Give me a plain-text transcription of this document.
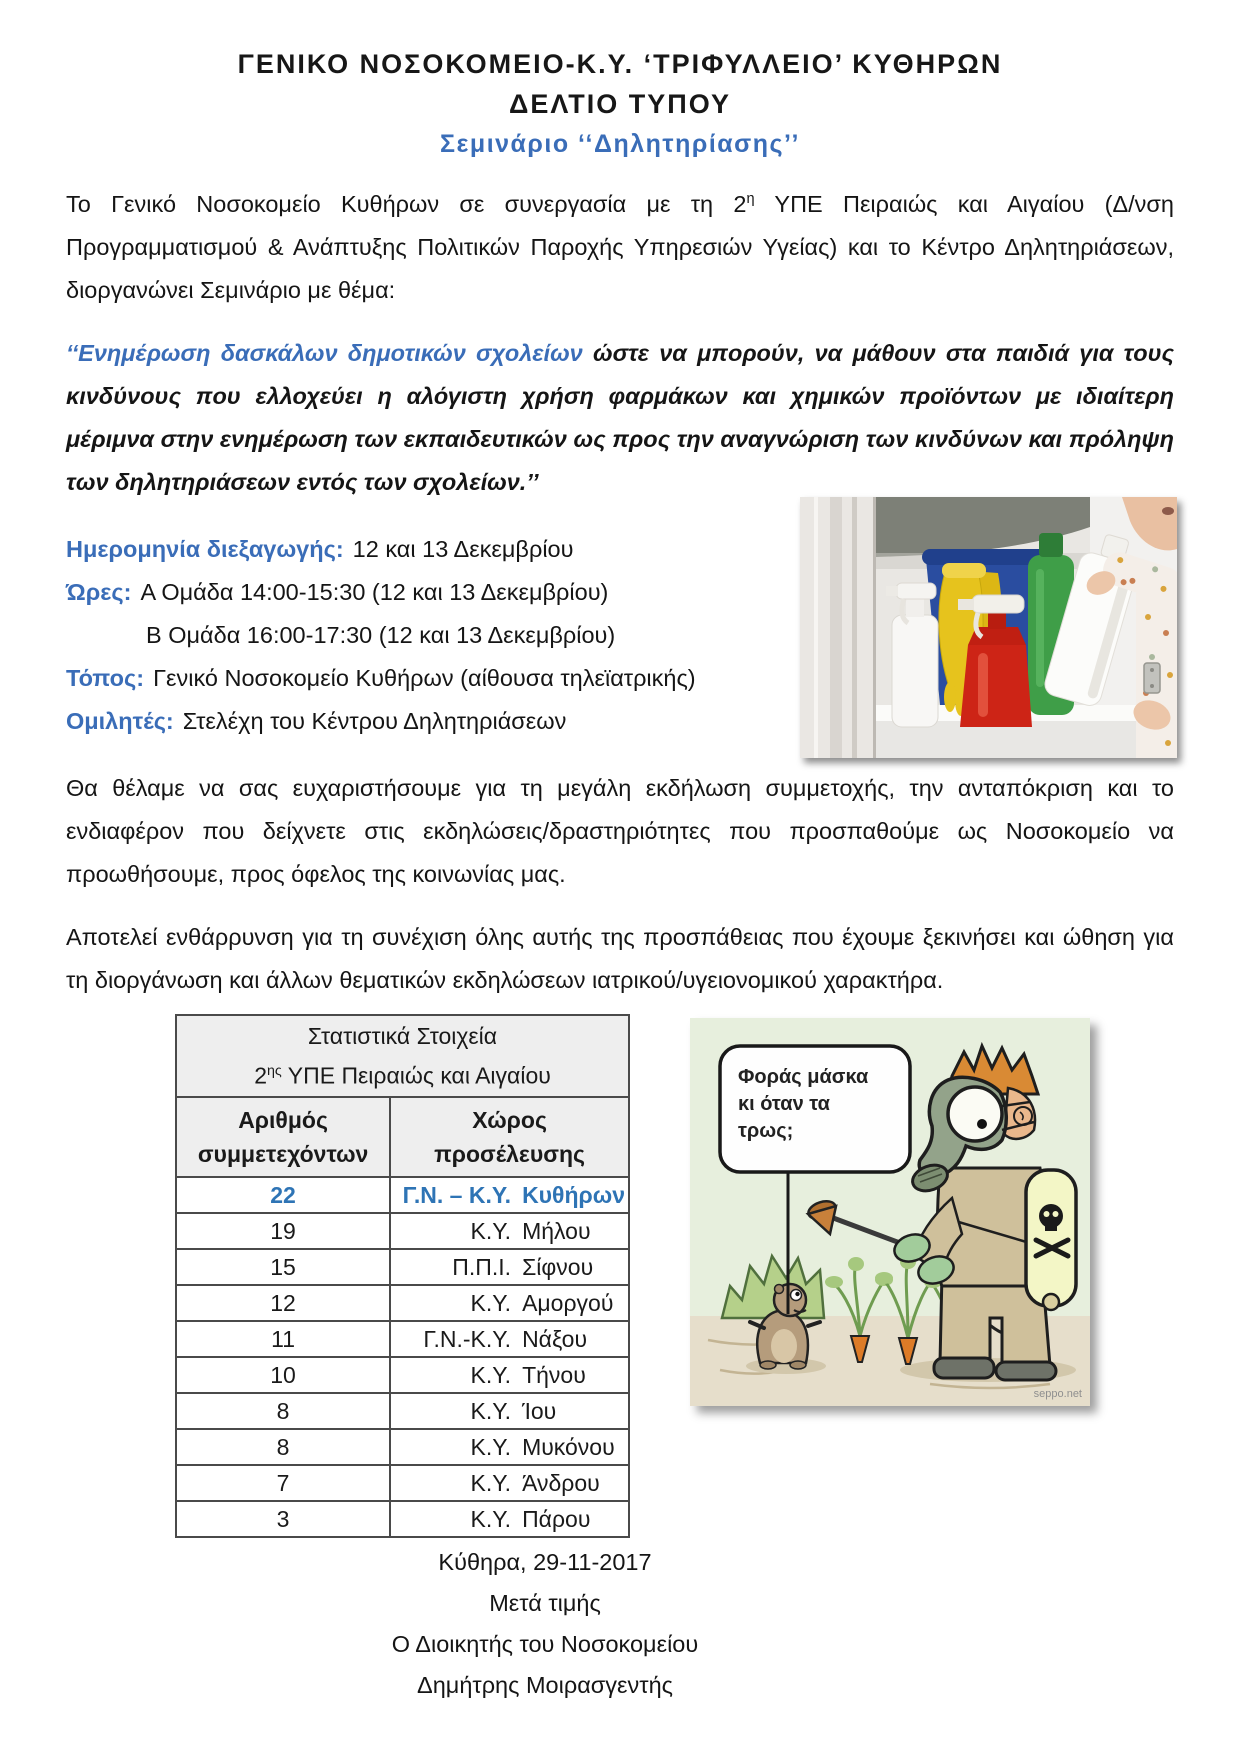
ΓΕΝΙΚΟ ΝΟΣΟΚΟΜΕΙΟ-Κ.Υ. ‘ΤΡΙΦΥΛΛΕΙΟ’ ΚΥΘΗΡΩΝ
ΔΕΛΤΙΟ ΤΥΠΟΥ
Σεμινάριο ‘‘Δηλητηρίασης’’

Το Γενικό Νοσοκομείο Κυθήρων σε συνεργασία με τη $2^\eta$ ΥΠΕ Πειραιώς και Αιγαίου (Δ/νση Προγραμματισμού & Ανάπτυξης Πολιτικών Παροχής Υπηρεσιών Υγείας) και το Κέντρο Δηλητηριάσεων, διοργανώνει Σεμινάριο με θέμα:

‘‘Ενημέρωση δασκάλων δημοτικών σχολείων ώστε να μπορούν, να μάθουν στα παιδιά για τους κινδύνους που ελλοχεύει η αλόγιστη χρήση φαρμάκων και χημικών προϊόντων με ιδιαίτερη μέριμνα στην ενημέρωση των εκπαιδευτικών ως προς την αναγνώριση των κινδύνων και πρόληψη των δηλητηριάσεων εντός των σχολείων.’’

Ημερομηνία διεξαγωγής: 12 και 13 Δεκεμβρίου
Ώρες: Α Ομάδα 14:00-15:30 (12 και 13 Δεκεμβρίου)
Β Ομάδα 16:00-17:30 (12 και 13 Δεκεμβρίου)
Τόπος: Γενικό Νοσοκομείο Κυθήρων (αίθουσα τηλεϊατρικής)
Ομιλητές: Στελέχη του Κέντρου Δηλητηριάσεων

Θα θέλαμε να σας ευχαριστήσουμε για τη μεγάλη εκδήλωση συμμετοχής, την ανταπόκριση και το ενδιαφέρον που δείχνετε στις εκδηλώσεις/δραστηριότητες που προσπαθούμε ως Νοσοκομείο να προωθήσουμε, προς όφελος της κοινωνίας μας.

Αποτελεί ενθάρρυνση για τη συνέχιση όλης αυτής της προσπάθειας που έχουμε ξεκινήσει και ώθηση για τη διοργάνωση και άλλων θεματικών εκδηλώσεων ιατρικού/υγειονομικού χαρακτήρα.

Στατιστικά Στοιχεία
$2^{\eta\varsigma}$ ΥΠΕ Πειραιώς και Αιγαίου	

Αριθμός συμμετεχόντων	Χώρος προσέλευσης
22	Γ.Ν. – Κ.Υ. Κυθήρων

19	Κ.Υ. Μήλου

15	Π.Π.Ι. Σίφνου

12	Κ.Υ. Αμοργού

11	Γ.Ν.-Κ.Υ. Νάξου

10	Κ.Υ. Τήνου

8	Κ.Υ. Ίου

8	Κ.Υ. Μυκόνου

7	Κ.Υ. Άνδρου

3	Κ.Υ. Πάρου
Φοράς μάσκα κι όταν τα τρως;
seppo.net
Κύθηρα, 29-11-2017
Μετά τιμής
Ο Διοικητής του Νοσοκομείου
Δημήτρης Μοιρασγεντής
